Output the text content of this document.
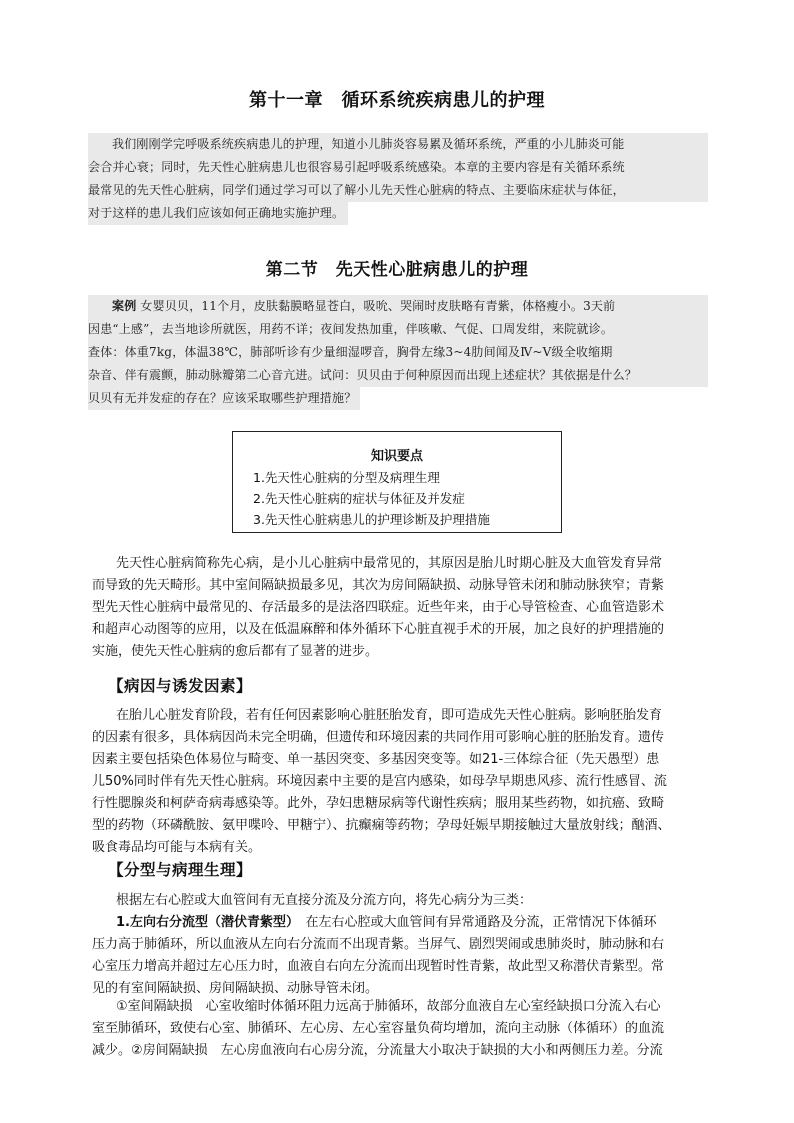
第十一章　循环系统疾病患儿的护理
我们刚刚学完呼吸系统疾病患儿的护理，知道小儿肺炎容易累及循环系统，严重的小儿肺炎可能
会合并心衰；同时，先天性心脏病患儿也很容易引起呼吸系统感染。本章的主要内容是有关循环系统
最常见的先天性心脏病，同学们通过学习可以了解小儿先天性心脏病的特点、主要临床症状与体征，
对于这样的患儿我们应该如何正确地实施护理。
第二节　先天性心脏病患儿的护理
案例 女婴贝贝，11个月，皮肤黏膜略显苍白，吸吮、哭闹时皮肤略有青紫，体格瘦小。3天前
因患“上感”，去当地诊所就医，用药不详；夜间发热加重，伴咳嗽、气促、口周发绀，来院就诊。
查体：体重7kg，体温38℃，肺部听诊有少量细湿啰音，胸骨左缘3~4肋间闻及Ⅳ~Ⅴ级全收缩期
杂音、伴有震颤，肺动脉瓣第二心音亢进。试问：贝贝由于何种原因而出现上述症状？其依据是什么？
贝贝有无并发症的存在？应该采取哪些护理措施？
知识要点
1.先天性心脏病的分型及病理生理
2.先天性心脏病的症状与体征及并发症
3.先天性心脏病患儿的护理诊断及护理措施
先天性心脏病简称先心病，是小儿心脏病中最常见的，其原因是胎儿时期心脏及大血管发育异常
而导致的先天畸形。其中室间隔缺损最多见，其次为房间隔缺损、动脉导管未闭和肺动脉狭窄；青紫
型先天性心脏病中最常见的、存活最多的是法洛四联症。近些年来，由于心导管检查、心血管造影术
和超声心动图等的应用，以及在低温麻醉和体外循环下心脏直视手术的开展，加之良好的护理措施的
实施，使先天性心脏病的愈后都有了显著的进步。
【病因与诱发因素】
在胎儿心脏发育阶段，若有任何因素影响心脏胚胎发育，即可造成先天性心脏病。影响胚胎发育
的因素有很多，具体病因尚未完全明确，但遗传和环境因素的共同作用可影响心脏的胚胎发育。遗传
因素主要包括染色体易位与畸变、单一基因突变、多基因突变等。如21-三体综合征（先天愚型）患
儿50%同时伴有先天性心脏病。环境因素中主要的是宫内感染，如母孕早期患风疹、流行性感冒、流
行性腮腺炎和柯萨奇病毒感染等。此外，孕妇患糖尿病等代谢性疾病；服用某些药物，如抗癌、致畸
型的药物（环磷酰胺、氨甲喋呤、甲糖宁）、抗癫痫等药物；孕母妊娠早期接触过大量放射线；酗酒、
吸食毒品均可能与本病有关。
【分型与病理生理】
根据左右心腔或大血管间有无直接分流及分流方向，将先心病分为三类：
1.左向右分流型（潜伏青紫型）　在左右心腔或大血管间有异常通路及分流，正常情况下体循环
压力高于肺循环，所以血液从左向右分流而不出现青紫。当屏气、剧烈哭闹或患肺炎时，肺动脉和右
心室压力增高并超过左心压力时，血液自右向左分流而出现暂时性青紫，故此型又称潜伏青紫型。常
见的有室间隔缺损、房间隔缺损、动脉导管未闭。
①室间隔缺损　心室收缩时体循环阻力远高于肺循环，故部分血液自左心室经缺损口分流入右心
室至肺循环，致使右心室、肺循环、左心房、左心室容量负荷均增加，流向主动脉（体循环）的血流
减少。②房间隔缺损　左心房血液向右心房分流，分流量大小取决于缺损的大小和两侧压力差。分流
